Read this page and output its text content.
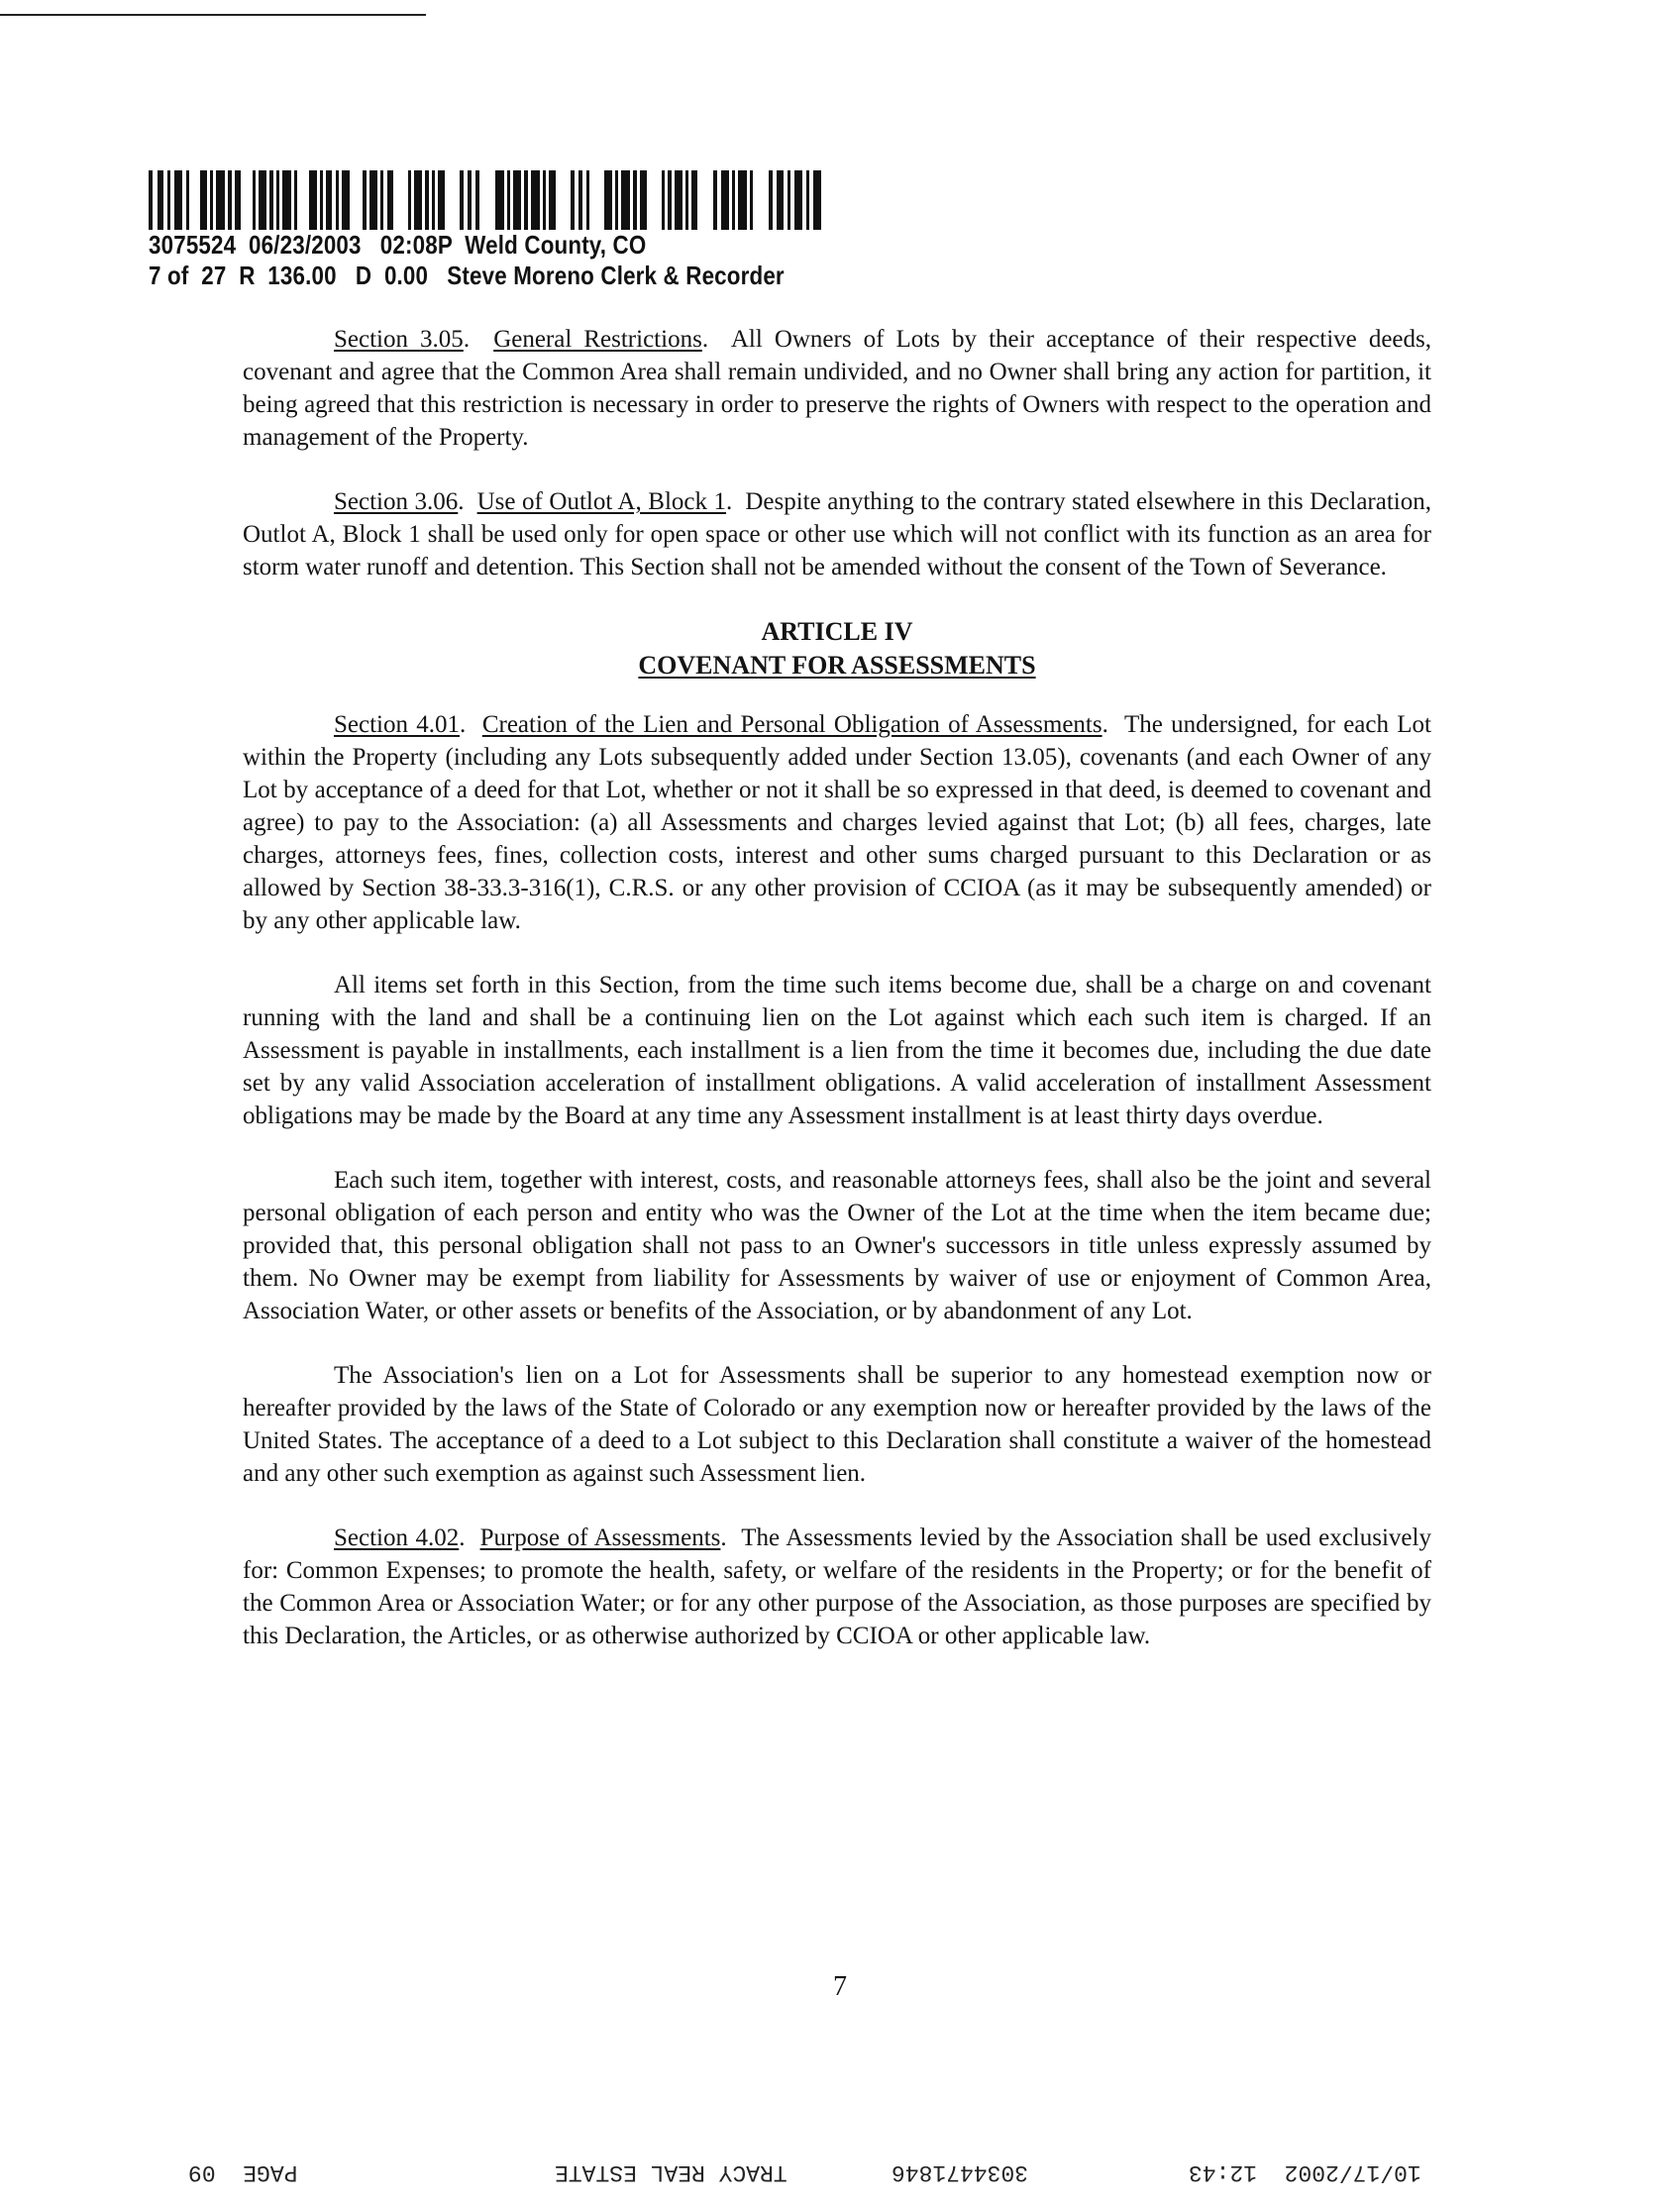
3075524  06/23/2003   02:08P  Weld County, CO
7 of  27  R  136.00   D  0.00   Steve Moreno Clerk & Recorder

Section 3.05.  General Restrictions.  All Owners of Lots by their acceptance of their respective deeds, covenant and agree that the Common Area shall remain undivided, and no Owner shall bring any action for partition, it being agreed that this restriction is necessary in order to preserve the rights of Owners with respect to the operation and management of the Property.

Section 3.06.  Use of Outlot A, Block 1.  Despite anything to the contrary stated elsewhere in this Declaration, Outlot A, Block 1 shall be used only for open space or other use which will not conflict with its function as an area for storm water runoff and detention. This Section shall not be amended without the consent of the Town of Severance.

ARTICLE IV
COVENANT FOR ASSESSMENTS

Section 4.01.  Creation of the Lien and Personal Obligation of Assessments.  The undersigned, for each Lot within the Property (including any Lots subsequently added under Section 13.05), covenants (and each Owner of any Lot by acceptance of a deed for that Lot, whether or not it shall be so expressed in that deed, is deemed to covenant and agree) to pay to the Association: (a) all Assessments and charges levied against that Lot; (b) all fees, charges, late charges, attorneys fees, fines, collection costs, interest and other sums charged pursuant to this Declaration or as allowed by Section 38-33.3-316(1), C.R.S. or any other provision of CCIOA (as it may be subsequently amended) or by any other applicable law.

All items set forth in this Section, from the time such items become due, shall be a charge on and covenant running with the land and shall be a continuing lien on the Lot against which each such item is charged. If an Assessment is payable in installments, each installment is a lien from the time it becomes due, including the due date set by any valid Association acceleration of installment obligations. A valid acceleration of installment Assessment obligations may be made by the Board at any time any Assessment installment is at least thirty days overdue.

Each such item, together with interest, costs, and reasonable attorneys fees, shall also be the joint and several personal obligation of each person and entity who was the Owner of the Lot at the time when the item became due; provided that, this personal obligation shall not pass to an Owner's successors in title unless expressly assumed by them. No Owner may be exempt from liability for Assessments by waiver of use or enjoyment of Common Area, Association Water, or other assets or benefits of the Association, or by abandonment of any Lot.

The Association's lien on a Lot for Assessments shall be superior to any homestead exemption now or hereafter provided by the laws of the State of Colorado or any exemption now or hereafter provided by the laws of the United States. The acceptance of a deed to a Lot subject to this Declaration shall constitute a waiver of the homestead and any other such exemption as against such Assessment lien.

Section 4.02.  Purpose of Assessments.  The Assessments levied by the Association shall be used exclusively for: Common Expenses; to promote the health, safety, or welfare of the residents in the Property; or for the benefit of the Common Area or Association Water; or for any other purpose of the Association, as those purposes are specified by this Declaration, the Articles, or as otherwise authorized by CCIOA or other applicable law.

7
10/17/2002  12:43
3034471846
TRACY REAL ESTATE
PAGE  09
